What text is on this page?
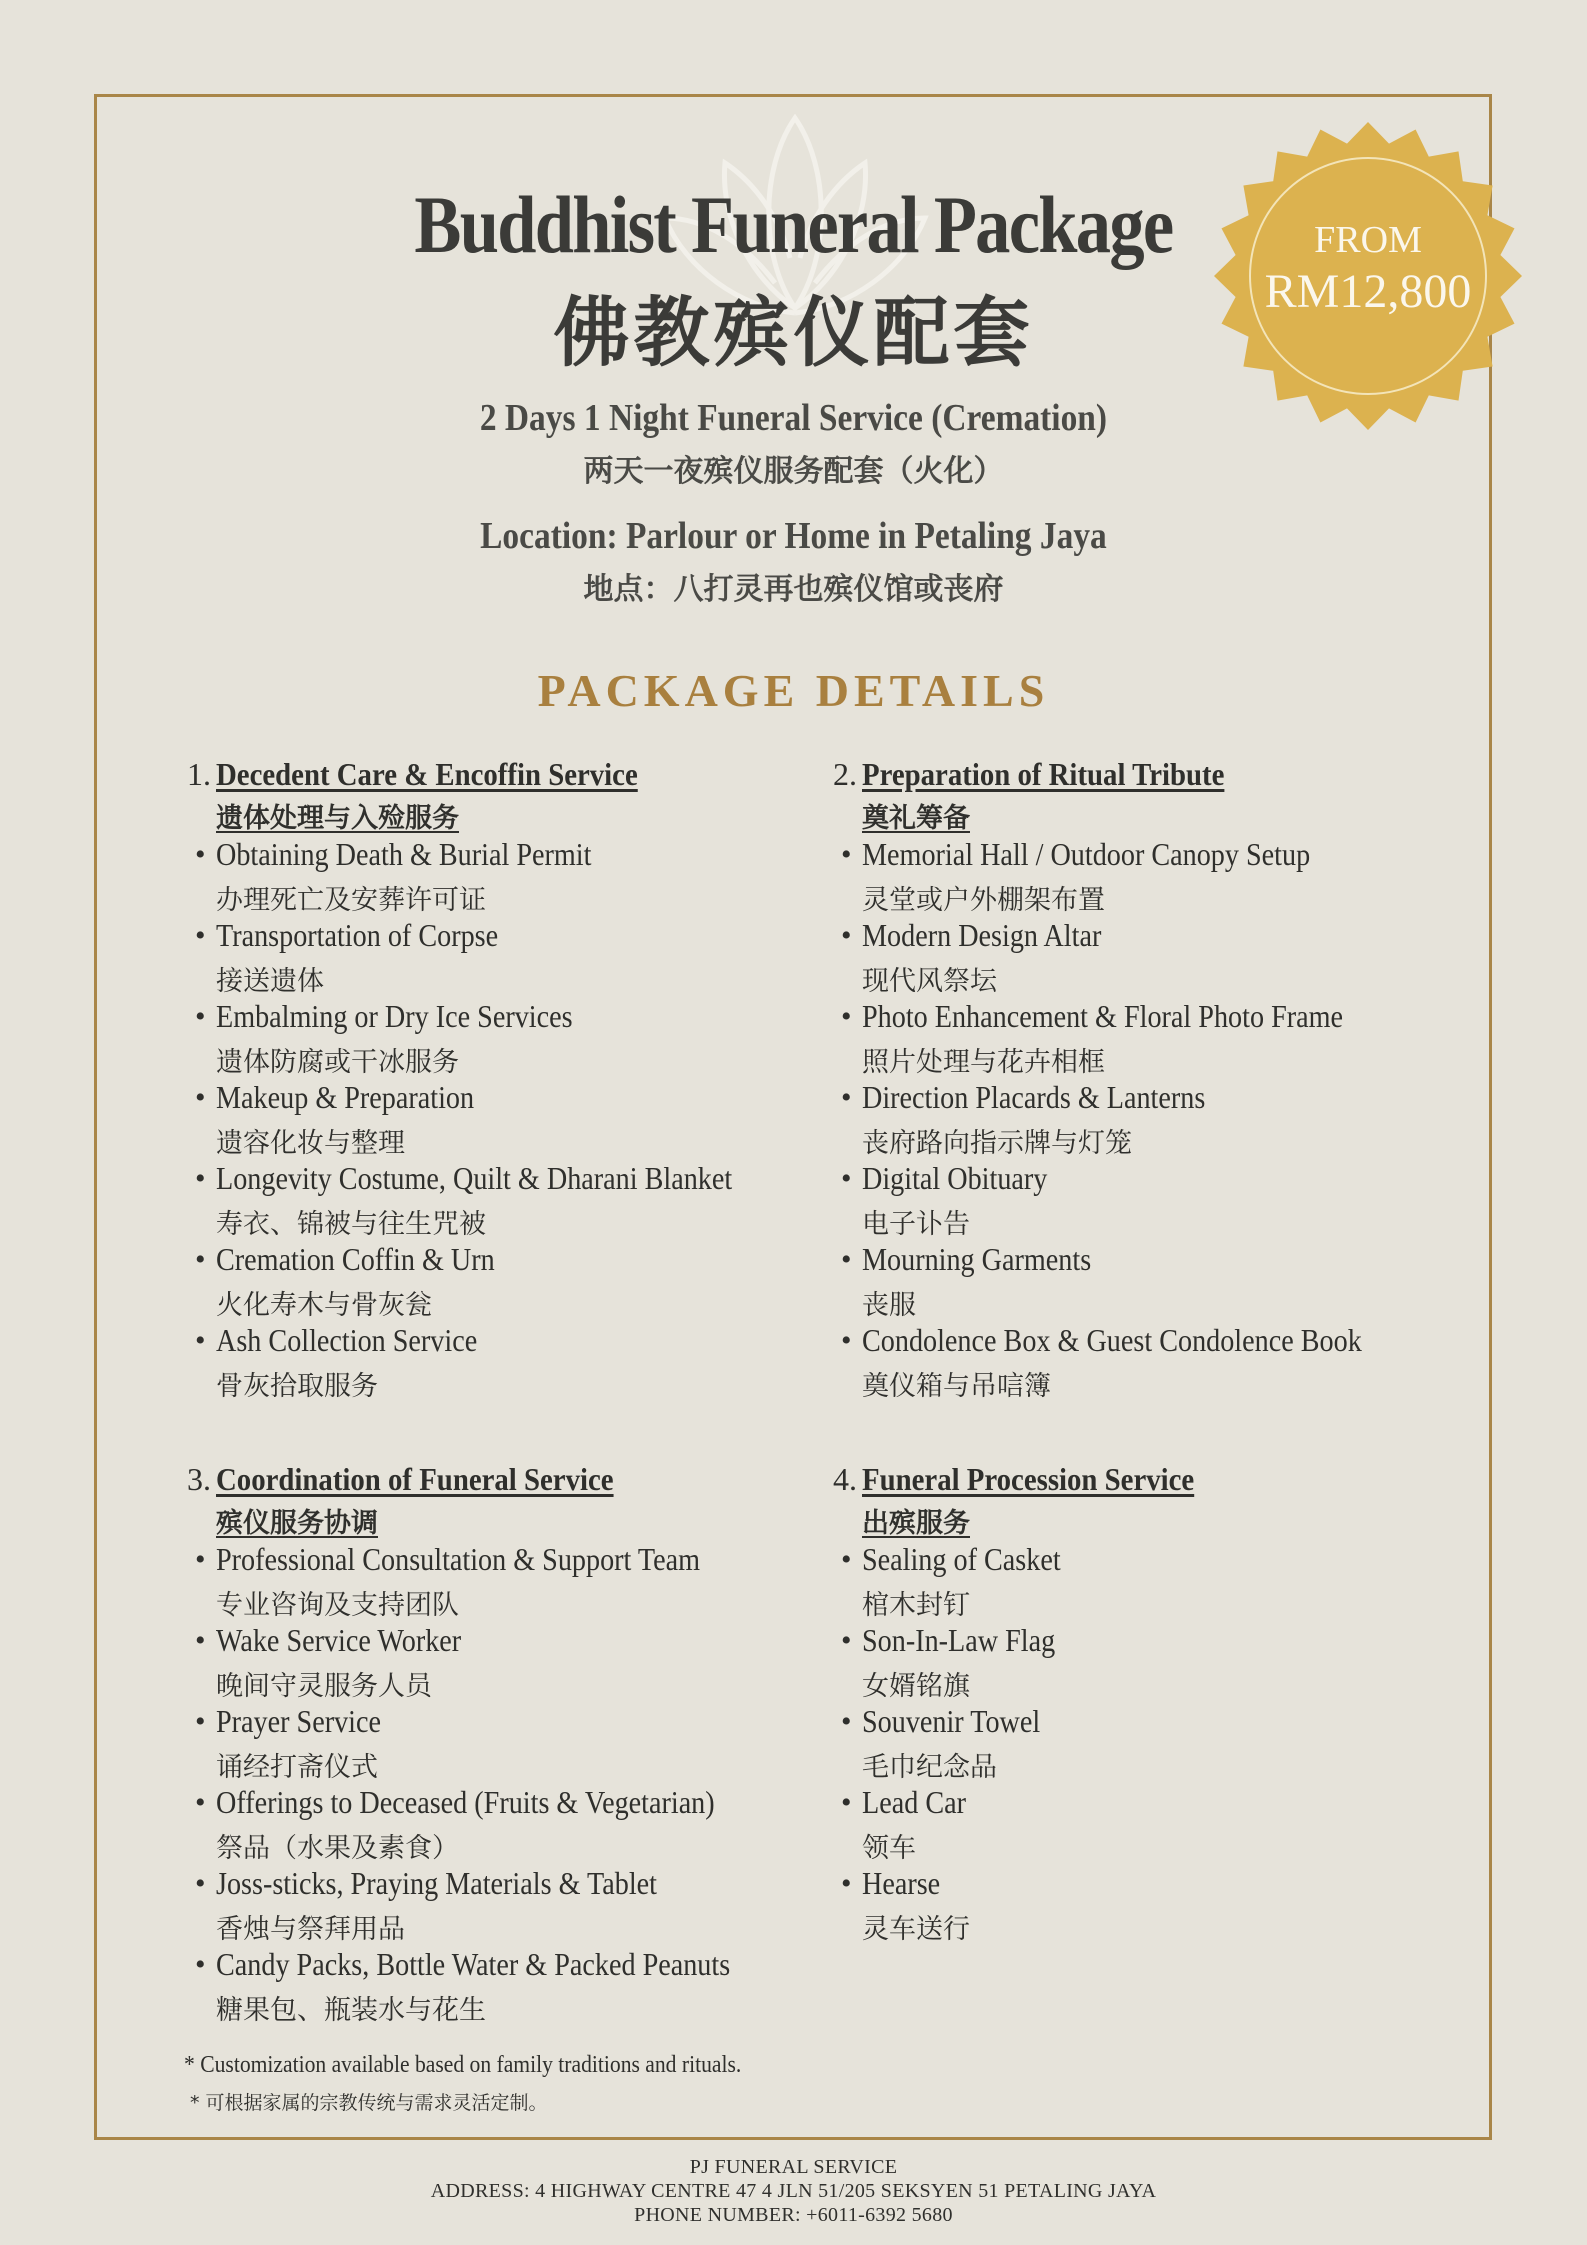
Buddhist Funeral Package
佛教殡仪配套
2 Days 1 Night Funeral Service (Cremation)
两天一夜殡仪服务配套（火化）
Location: Parlour or Home in Petaling Jaya
地点：八打灵再也殡仪馆或丧府
FROM
RM12,800
PACKAGE DETAILS
1. Decedent Care & Encoffin Service
遗体处理与入殓服务
• Obtaining Death & Burial Permit
办理死亡及安葬许可证
• Transportation of Corpse
接送遗体
• Embalming or Dry Ice Services
遗体防腐或干冰服务
• Makeup & Preparation
遗容化妆与整理
• Longevity Costume, Quilt & Dharani Blanket
寿衣、锦被与往生咒被
• Cremation Coffin & Urn
火化寿木与骨灰瓮
• Ash Collection Service
骨灰拾取服务
2. Preparation of Ritual Tribute
奠礼筹备
• Memorial Hall / Outdoor Canopy Setup
灵堂或户外棚架布置
• Modern Design Altar
现代风祭坛
• Photo Enhancement & Floral Photo Frame
照片处理与花卉相框
• Direction Placards & Lanterns
丧府路向指示牌与灯笼
• Digital Obituary
电子讣告
• Mourning Garments
丧服
• Condolence Box & Guest Condolence Book
奠仪箱与吊唁簿
3. Coordination of Funeral Service
殡仪服务协调
• Professional Consultation & Support Team
专业咨询及支持团队
• Wake Service Worker
晚间守灵服务人员
• Prayer Service
诵经打斋仪式
• Offerings to Deceased (Fruits & Vegetarian)
祭品（水果及素食）
• Joss-sticks, Praying Materials & Tablet
香烛与祭拜用品
• Candy Packs, Bottle Water & Packed Peanuts
糖果包、瓶装水与花生
4. Funeral Procession Service
出殡服务
• Sealing of Casket
棺木封钉
• Son-In-Law Flag
女婿铭旗
• Souvenir Towel
毛巾纪念品
• Lead Car
领车
• Hearse
灵车送行
* Customization available based on family traditions and rituals.
* 可根据家属的宗教传统与需求灵活定制。
PJ FUNERAL SERVICE
ADDRESS: 4 HIGHWAY CENTRE 47 4 JLN 51/205 SEKSYEN 51 PETALING JAYA
PHONE NUMBER: +6011-6392 5680
